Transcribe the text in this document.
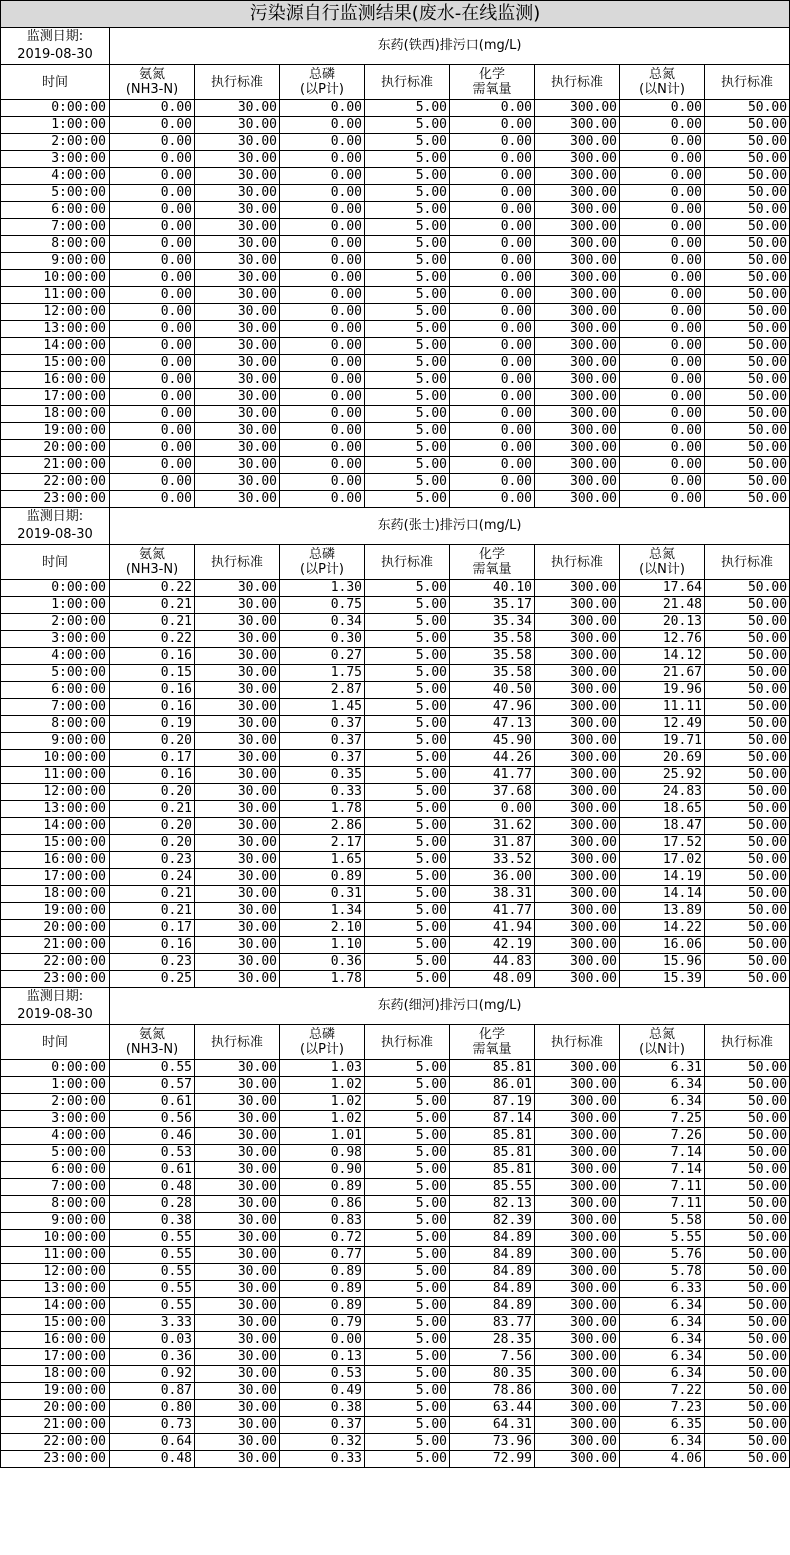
污染源自行监测结果(废水-在线监测)								

监测日期:
2019-08-30	东药(铁西)排污口(mg/L)							
时间	氨氮
(NH3-N)	执行标准	总磷
(以P计)	执行标准	化学
需氧量	执行标准	总氮
(以N计)	执行标准
0:00:00	0.00	30.00	0.00	5.00	0.00	300.00	0.00	50.00
1:00:00	0.00	30.00	0.00	5.00	0.00	300.00	0.00	50.00
2:00:00	0.00	30.00	0.00	5.00	0.00	300.00	0.00	50.00
3:00:00	0.00	30.00	0.00	5.00	0.00	300.00	0.00	50.00
4:00:00	0.00	30.00	0.00	5.00	0.00	300.00	0.00	50.00
5:00:00	0.00	30.00	0.00	5.00	0.00	300.00	0.00	50.00
6:00:00	0.00	30.00	0.00	5.00	0.00	300.00	0.00	50.00
7:00:00	0.00	30.00	0.00	5.00	0.00	300.00	0.00	50.00
8:00:00	0.00	30.00	0.00	5.00	0.00	300.00	0.00	50.00
9:00:00	0.00	30.00	0.00	5.00	0.00	300.00	0.00	50.00
10:00:00	0.00	30.00	0.00	5.00	0.00	300.00	0.00	50.00
11:00:00	0.00	30.00	0.00	5.00	0.00	300.00	0.00	50.00
12:00:00	0.00	30.00	0.00	5.00	0.00	300.00	0.00	50.00
13:00:00	0.00	30.00	0.00	5.00	0.00	300.00	0.00	50.00
14:00:00	0.00	30.00	0.00	5.00	0.00	300.00	0.00	50.00
15:00:00	0.00	30.00	0.00	5.00	0.00	300.00	0.00	50.00
16:00:00	0.00	30.00	0.00	5.00	0.00	300.00	0.00	50.00
17:00:00	0.00	30.00	0.00	5.00	0.00	300.00	0.00	50.00
18:00:00	0.00	30.00	0.00	5.00	0.00	300.00	0.00	50.00
19:00:00	0.00	30.00	0.00	5.00	0.00	300.00	0.00	50.00
20:00:00	0.00	30.00	0.00	5.00	0.00	300.00	0.00	50.00
21:00:00	0.00	30.00	0.00	5.00	0.00	300.00	0.00	50.00
22:00:00	0.00	30.00	0.00	5.00	0.00	300.00	0.00	50.00
23:00:00	0.00	30.00	0.00	5.00	0.00	300.00	0.00	50.00

监测日期:
2019-08-30	东药(张士)排污口(mg/L)							
时间	氨氮
(NH3-N)	执行标准	总磷
(以P计)	执行标准	化学
需氧量	执行标准	总氮
(以N计)	执行标准
0:00:00	0.22	30.00	1.30	5.00	40.10	300.00	17.64	50.00
1:00:00	0.21	30.00	0.75	5.00	35.17	300.00	21.48	50.00
2:00:00	0.21	30.00	0.34	5.00	35.34	300.00	20.13	50.00
3:00:00	0.22	30.00	0.30	5.00	35.58	300.00	12.76	50.00
4:00:00	0.16	30.00	0.27	5.00	35.58	300.00	14.12	50.00
5:00:00	0.15	30.00	1.75	5.00	35.58	300.00	21.67	50.00
6:00:00	0.16	30.00	2.87	5.00	40.50	300.00	19.96	50.00
7:00:00	0.16	30.00	1.45	5.00	47.96	300.00	11.11	50.00
8:00:00	0.19	30.00	0.37	5.00	47.13	300.00	12.49	50.00
9:00:00	0.20	30.00	0.37	5.00	45.90	300.00	19.71	50.00
10:00:00	0.17	30.00	0.37	5.00	44.26	300.00	20.69	50.00
11:00:00	0.16	30.00	0.35	5.00	41.77	300.00	25.92	50.00
12:00:00	0.20	30.00	0.33	5.00	37.68	300.00	24.83	50.00
13:00:00	0.21	30.00	1.78	5.00	0.00	300.00	18.65	50.00
14:00:00	0.20	30.00	2.86	5.00	31.62	300.00	18.47	50.00
15:00:00	0.20	30.00	2.17	5.00	31.87	300.00	17.52	50.00
16:00:00	0.23	30.00	1.65	5.00	33.52	300.00	17.02	50.00
17:00:00	0.24	30.00	0.89	5.00	36.00	300.00	14.19	50.00
18:00:00	0.21	30.00	0.31	5.00	38.31	300.00	14.14	50.00
19:00:00	0.21	30.00	1.34	5.00	41.77	300.00	13.89	50.00
20:00:00	0.17	30.00	2.10	5.00	41.94	300.00	14.22	50.00
21:00:00	0.16	30.00	1.10	5.00	42.19	300.00	16.06	50.00
22:00:00	0.23	30.00	0.36	5.00	44.83	300.00	15.96	50.00
23:00:00	0.25	30.00	1.78	5.00	48.09	300.00	15.39	50.00

监测日期:
2019-08-30	东药(细河)排污口(mg/L)							
时间	氨氮
(NH3-N)	执行标准	总磷
(以P计)	执行标准	化学
需氧量	执行标准	总氮
(以N计)	执行标准
0:00:00	0.55	30.00	1.03	5.00	85.81	300.00	6.31	50.00
1:00:00	0.57	30.00	1.02	5.00	86.01	300.00	6.34	50.00
2:00:00	0.61	30.00	1.02	5.00	87.19	300.00	6.34	50.00
3:00:00	0.56	30.00	1.02	5.00	87.14	300.00	7.25	50.00
4:00:00	0.46	30.00	1.01	5.00	85.81	300.00	7.26	50.00
5:00:00	0.53	30.00	0.98	5.00	85.81	300.00	7.14	50.00
6:00:00	0.61	30.00	0.90	5.00	85.81	300.00	7.14	50.00
7:00:00	0.48	30.00	0.89	5.00	85.55	300.00	7.11	50.00
8:00:00	0.28	30.00	0.86	5.00	82.13	300.00	7.11	50.00
9:00:00	0.38	30.00	0.83	5.00	82.39	300.00	5.58	50.00
10:00:00	0.55	30.00	0.72	5.00	84.89	300.00	5.55	50.00
11:00:00	0.55	30.00	0.77	5.00	84.89	300.00	5.76	50.00
12:00:00	0.55	30.00	0.89	5.00	84.89	300.00	5.78	50.00
13:00:00	0.55	30.00	0.89	5.00	84.89	300.00	6.33	50.00
14:00:00	0.55	30.00	0.89	5.00	84.89	300.00	6.34	50.00
15:00:00	3.33	30.00	0.79	5.00	83.77	300.00	6.34	50.00
16:00:00	0.03	30.00	0.00	5.00	28.35	300.00	6.34	50.00
17:00:00	0.36	30.00	0.13	5.00	7.56	300.00	6.34	50.00
18:00:00	0.92	30.00	0.53	5.00	80.35	300.00	6.34	50.00
19:00:00	0.87	30.00	0.49	5.00	78.86	300.00	7.22	50.00
20:00:00	0.80	30.00	0.38	5.00	63.44	300.00	7.23	50.00
21:00:00	0.73	30.00	0.37	5.00	64.31	300.00	6.35	50.00
22:00:00	0.64	30.00	0.32	5.00	73.96	300.00	6.34	50.00
23:00:00	0.48	30.00	0.33	5.00	72.99	300.00	4.06	50.00
